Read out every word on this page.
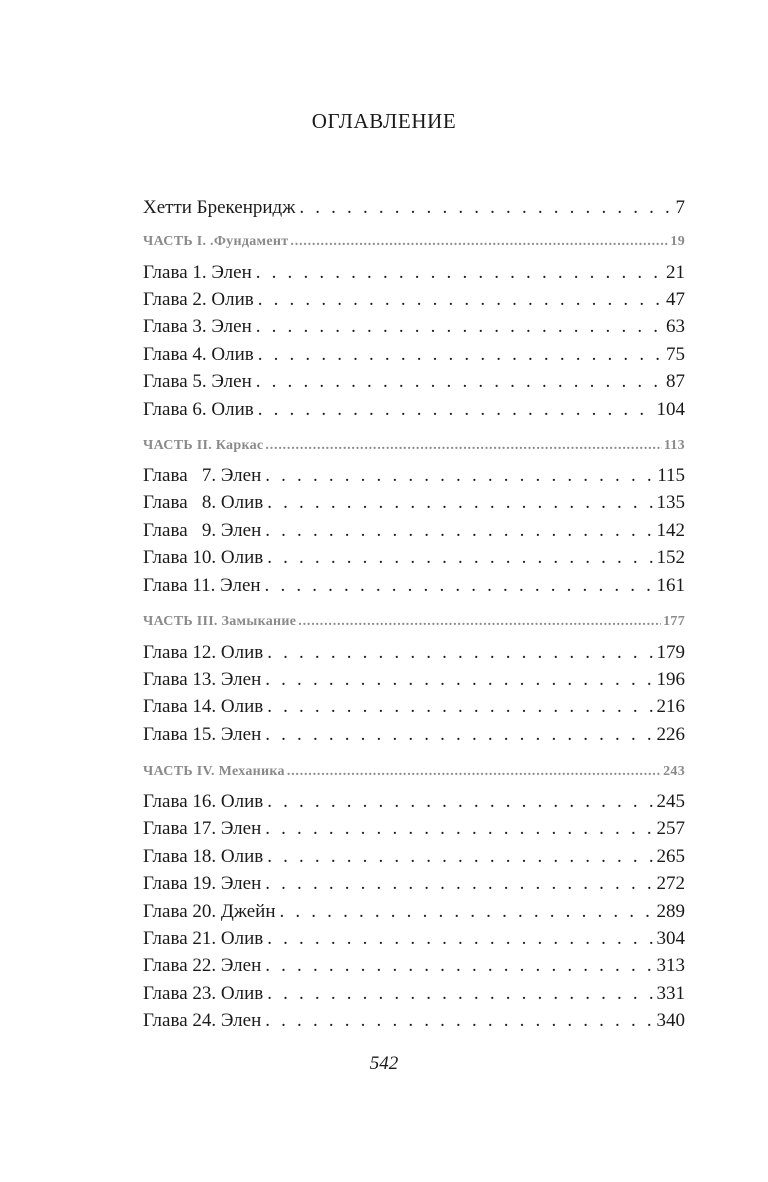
ОГЛАВЛЕНИЕ
Хетти Брекенридж . . .	7
ЧАСТЬ I. .Фундамент .....	19
Глава 1. Элен . . .	21
Глава 2. Олив . . .	47
Глава 3. Элен . . .	63
Глава 4. Олив . . .	75
Глава 5. Элен . . .	87
Глава 6. Олив . . .	104
ЧАСТЬ II. Каркас .....	113
Глава   7. Элен . . .	115
Глава   8. Олив . . .	135
Глава   9. Элен . . .	142
Глава 10. Олив . . .	152
Глава 11. Элен . . .	161
ЧАСТЬ III. Замыкание .....	177
Глава 12. Олив . . .	179
Глава 13. Элен . . .	196
Глава 14. Олив . . .	216
Глава 15. Элен . . .	226
ЧАСТЬ IV. Механика .....	243
Глава 16. Олив . . .	245
Глава 17. Элен . . .	257
Глава 18. Олив . . .	265
Глава 19. Элен . . .	272
Глава 20. Джейн . . .	289
Глава 21. Олив . . .	304
Глава 22. Элен . . .	313
Глава 23. Олив . . .	331
Глава 24. Элен . . .	340
542
